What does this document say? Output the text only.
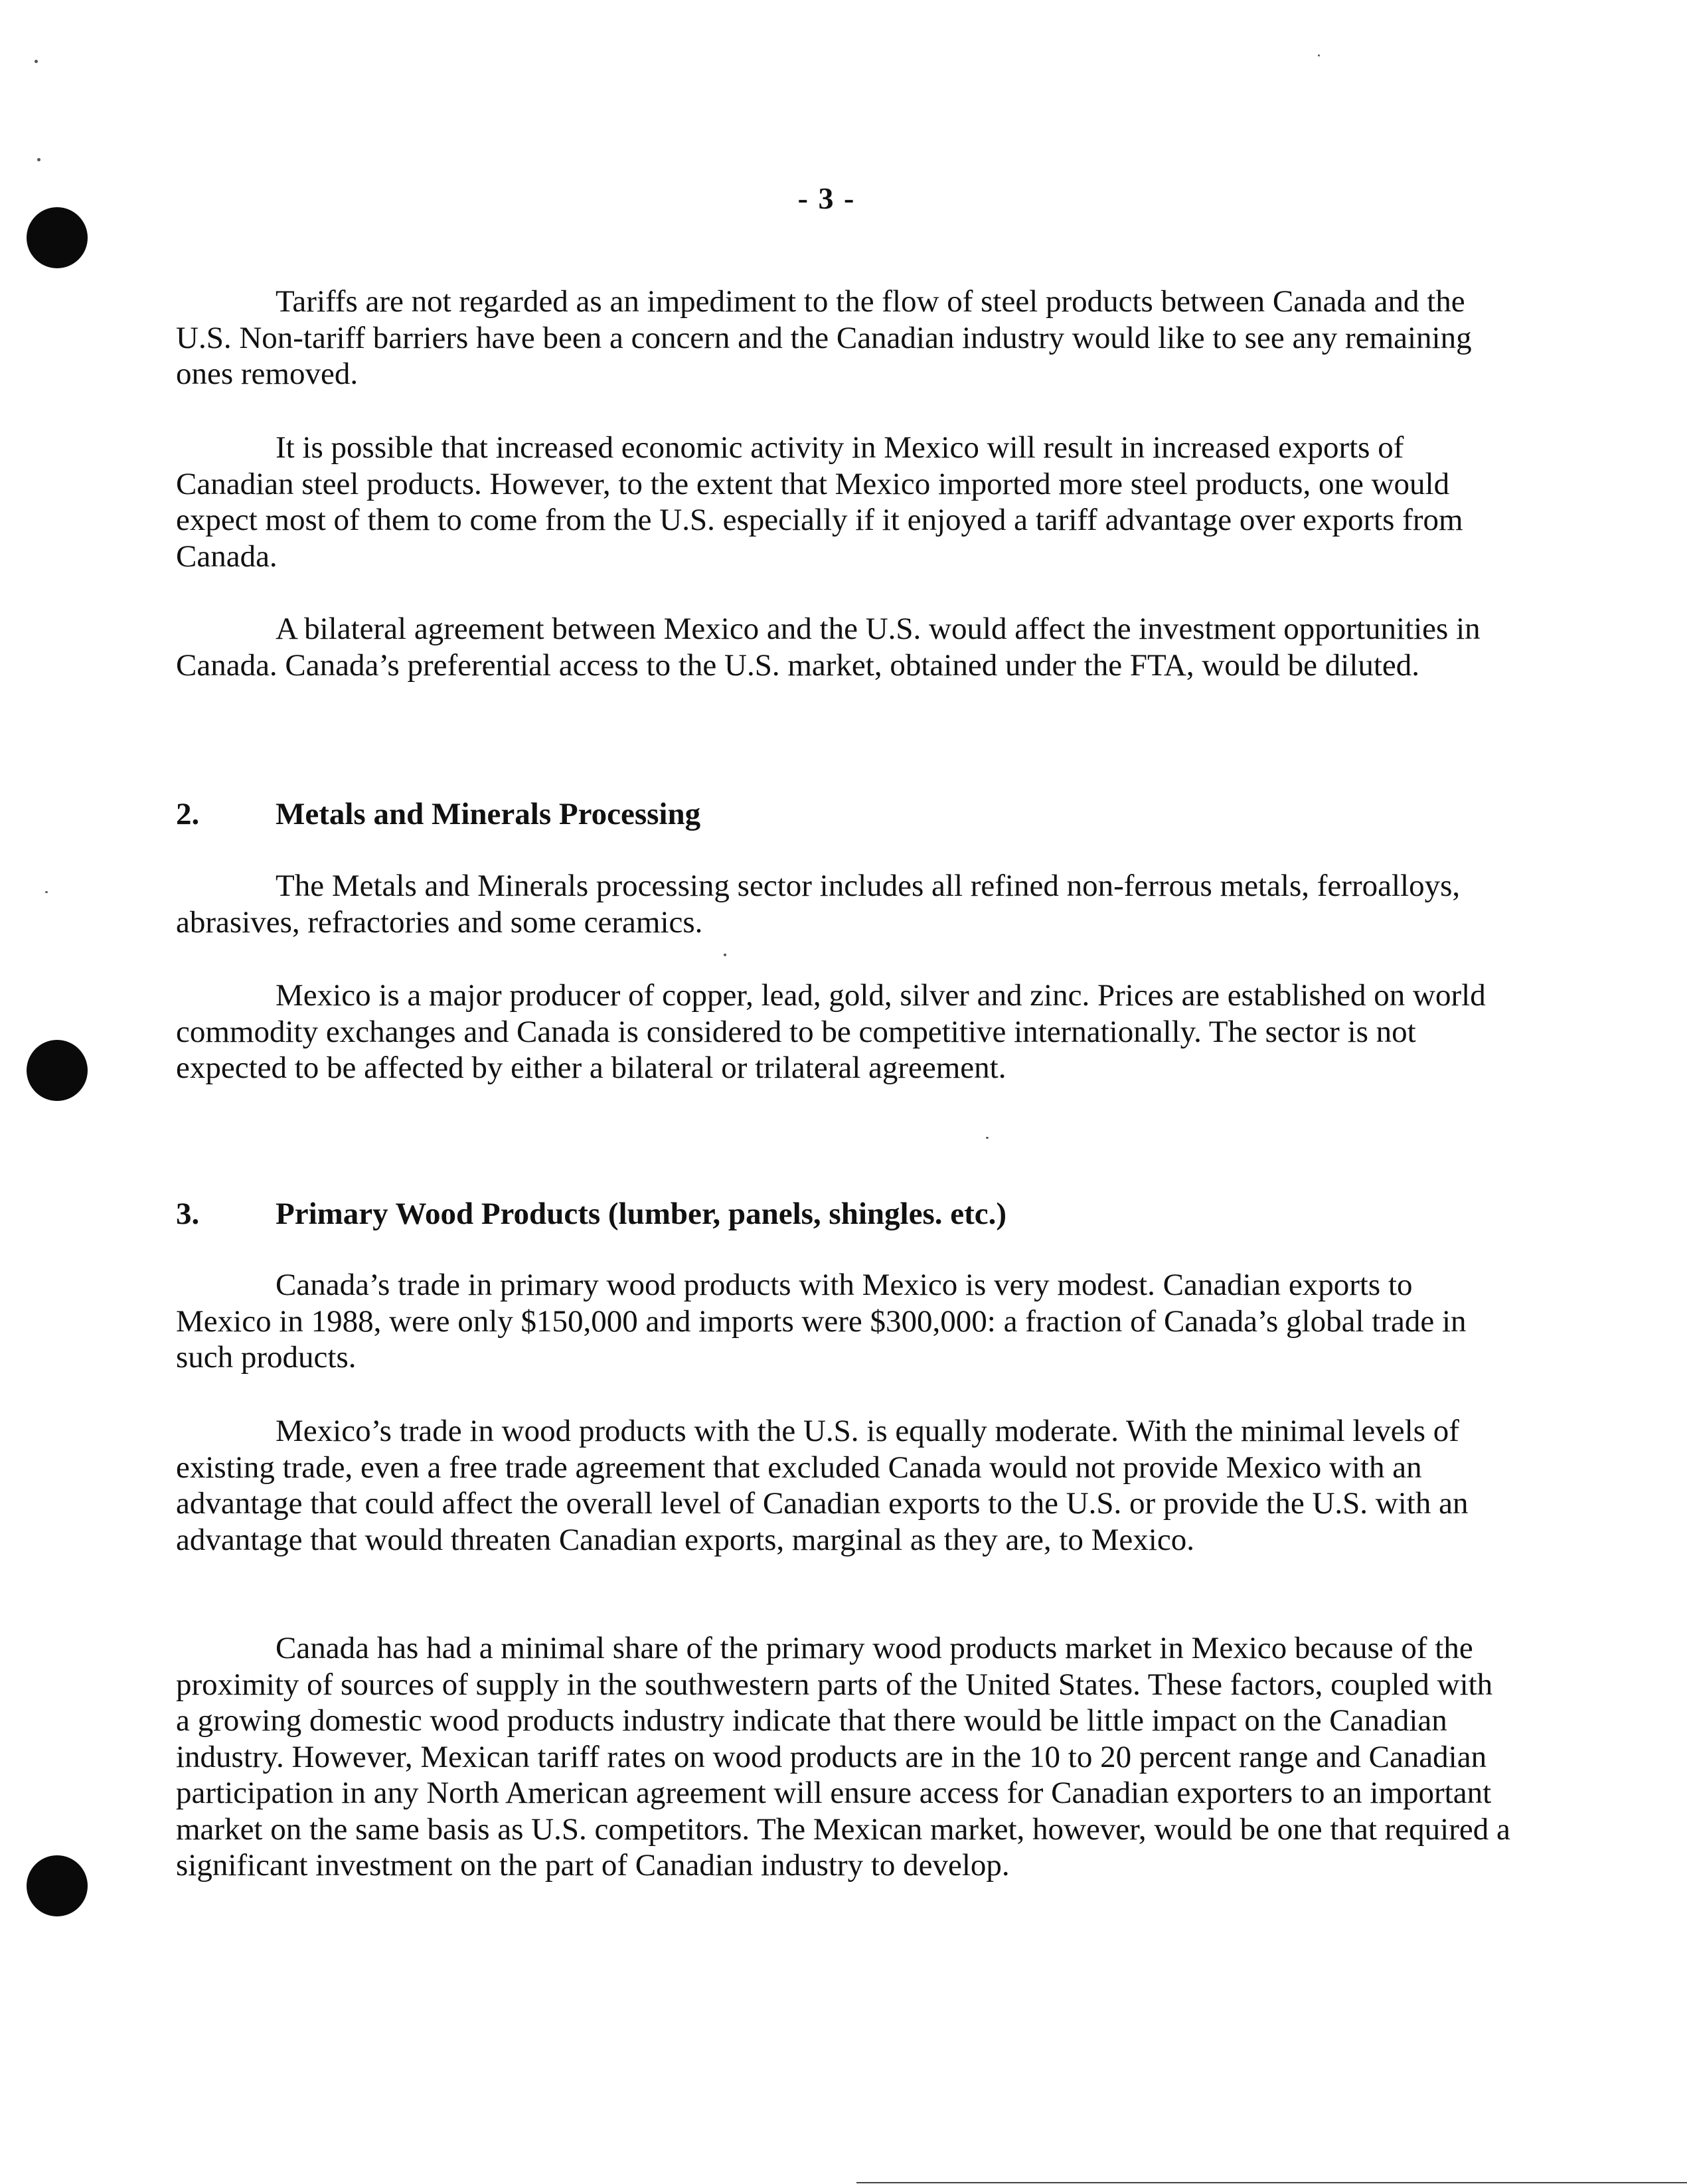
- 3 -

Tariffs are not regarded as an impediment to the flow of steel products between Canada and the U.S. Non-tariff barriers have been a concern and the Canadian industry would like to see any remaining ones removed.

It is possible that increased economic activity in Mexico will result in increased exports of Canadian steel products. However, to the extent that Mexico imported more steel products, one would expect most of them to come from the U.S. especially if it enjoyed a tariff advantage over exports from Canada.

A bilateral agreement between Mexico and the U.S. would affect the investment opportunities in Canada. Canada’s preferential access to the U.S. market, obtained under the FTA, would be diluted.

2. Metals and Minerals Processing

The Metals and Minerals processing sector includes all refined non-ferrous metals, ferroalloys, abrasives, refractories and some ceramics.

Mexico is a major producer of copper, lead, gold, silver and zinc. Prices are established on world commodity exchanges and Canada is considered to be competitive internationally. The sector is not expected to be affected by either a bilateral or trilateral agreement.

3. Primary Wood Products (lumber, panels, shingles. etc.)

Canada’s trade in primary wood products with Mexico is very modest. Canadian exports to Mexico in 1988, were only $150,000 and imports were $300,000: a fraction of Canada’s global trade in such products.

Mexico’s trade in wood products with the U.S. is equally moderate. With the minimal levels of existing trade, even a free trade agreement that excluded Canada would not provide Mexico with an advantage that could affect the overall level of Canadian exports to the U.S. or provide the U.S. with an advantage that would threaten Canadian exports, marginal as they are, to Mexico.

Canada has had a minimal share of the primary wood products market in Mexico because of the proximity of sources of supply in the southwestern parts of the United States. These factors, coupled with a growing domestic wood products industry indicate that there would be little impact on the Canadian industry. However, Mexican tariff rates on wood products are in the 10 to 20 percent range and Canadian participation in any North American agreement will ensure access for Canadian exporters to an important market on the same basis as U.S. competitors. The Mexican market, however, would be one that required a significant investment on the part of Canadian industry to develop.
